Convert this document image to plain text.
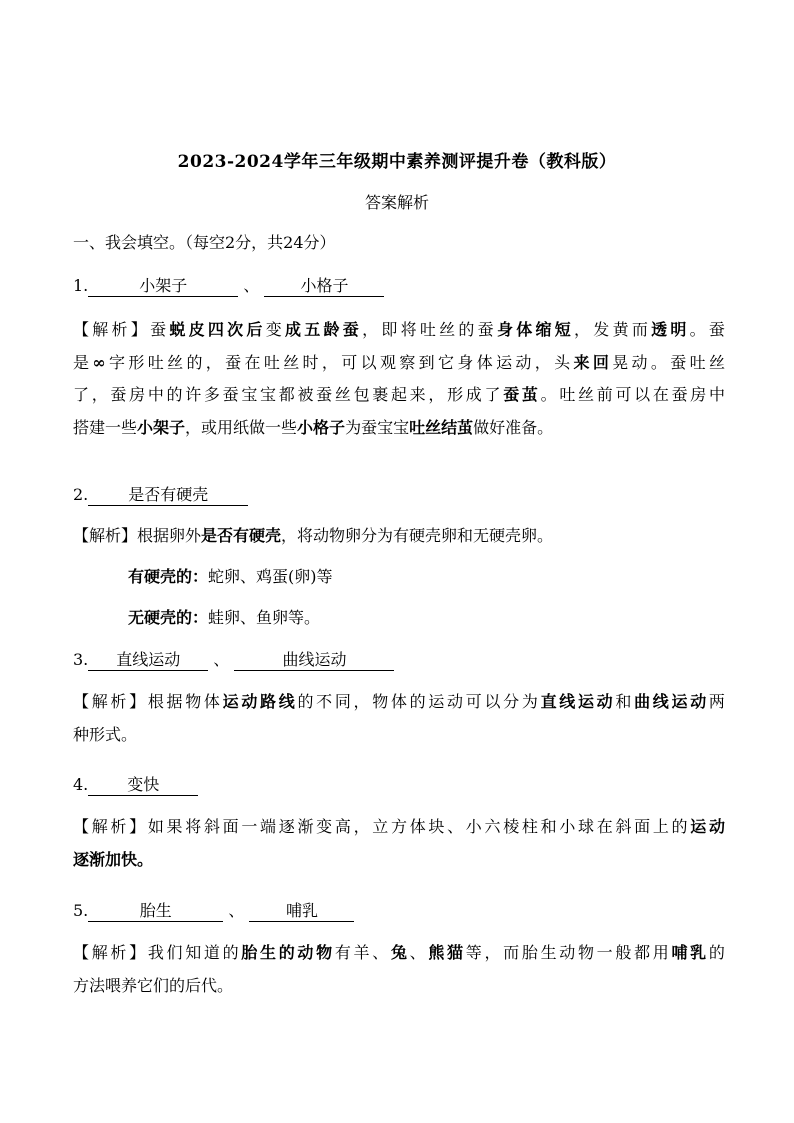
2023-2024学年三年级期中素养测评提升卷（教科版）
答案解析
一、我会填空。（每空2分，共24分）
1.	小架子	、	小格子
【解析】蚕蜕皮四次后变成五龄蚕，即将吐丝的蚕身体缩短，发黄而透明。蚕
是∞字形吐丝的，蚕在吐丝时，可以观察到它身体运动，头来回晃动。蚕吐丝
了，蚕房中的许多蚕宝宝都被蚕丝包裹起来，形成了蚕茧。吐丝前可以在蚕房中
搭建一些小架子，或用纸做一些小格子为蚕宝宝吐丝结茧做好准备。
2. 是否有硬壳
【解析】根据卵外是否有硬壳，将动物卵分为有硬壳卵和无硬壳卵。
有硬壳的：蛇卵、鸡蛋(卵)等
无硬壳的：蛙卵、鱼卵等。
3. 直线运动 、	曲线运动
【解析】根据物体运动路线的不同，物体的运动可以分为直线运动和曲线运动两
种形式。
4. 变快
【解析】如果将斜面一端逐渐变高，立方体块、小六棱柱和小球在斜面上的运动
逐渐加快。
5.	胎生	、	哺乳
【解析】我们知道的胎生的动物有羊、兔、熊猫等，而胎生动物一般都用哺乳的
方法喂养它们的后代。
